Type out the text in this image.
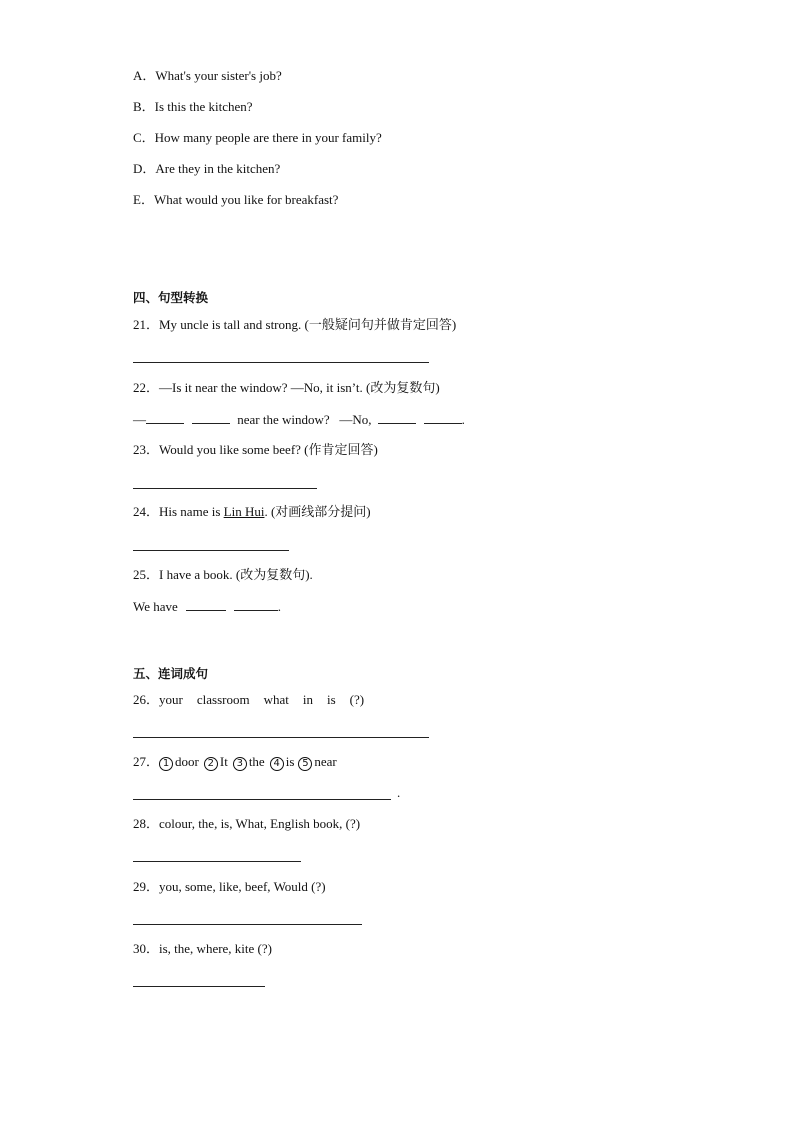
A．What's your sister's job?
B．Is this the kitchen?
C．How many people are there in your family?
D．Are they in the kitchen?
E．What would you like for breakfast?
四、句型转换
21．My uncle is tall and strong. (一般疑问句并做肯定回答)
22．—Is it near the window? —No, it isn’t. (改为复数句)
—	near the window? —No,	.
23．Would you like some beef? (作肯定回答)
24．His name is Lin Hui. (对画线部分提问)
25．I have a book. (改为复数句).
We have	.
五、连词成句
26．your classroom what in is (?)
27． 1 door 2 It 3 the 4 is 5 near
.
28．colour, the, is, What, English book, (?)
29．you, some, like, beef, Would (?)
30．is, the, where, kite (?)
